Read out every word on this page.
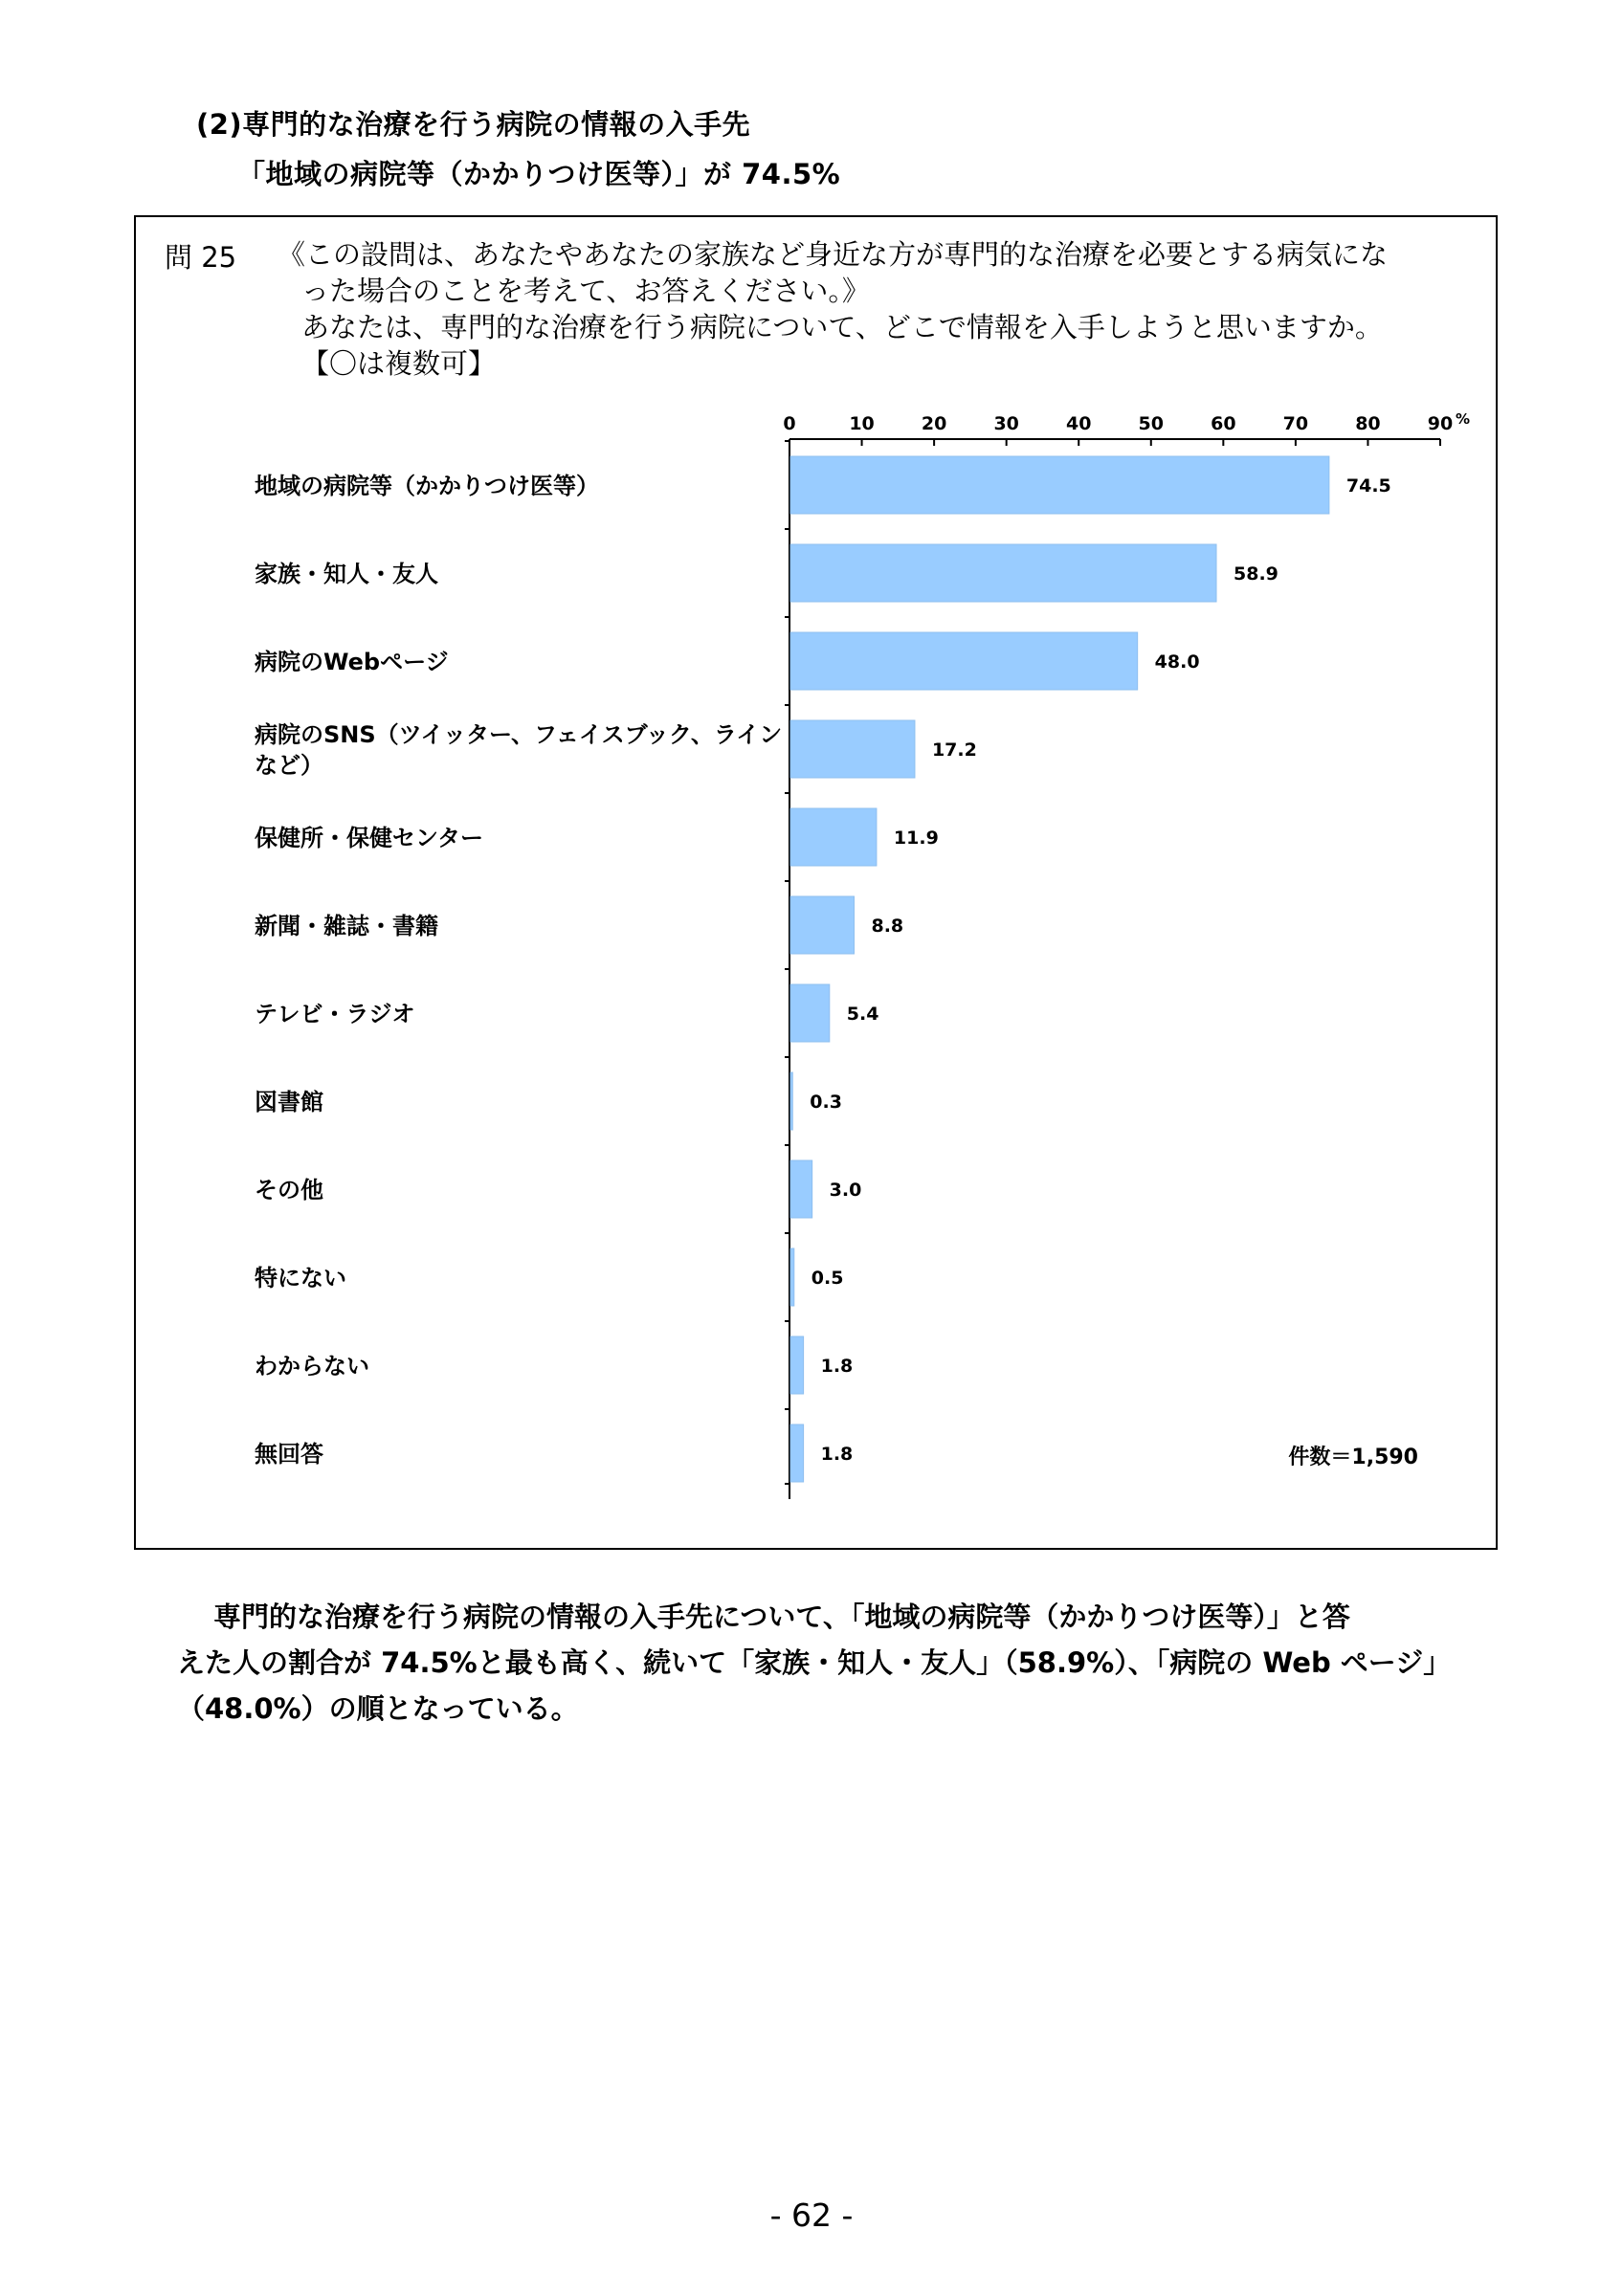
(2)専門的な治療を行う病院の情報の入手先
「地域の病院等（かかりつけ医等）」が 74.5%
問 25 《この設問は、あなたやあなたの家族など身近な方が専門的な治療を必要とする病気にな
った場合のことを考えて、お答えください。》
あなたは、専門的な治療を行う病院について、どこで情報を入手しようと思いますか。
【〇は複数可】
0	10	20	30	40	50	60	70	80	90 %
74.5
地域の病院等（かかりつけ医等）
58.9
家族・知人・友人
48.0
病院のWebページ
17.2
病院のSNS（ツイッター、フェイスブック、ライン
など）
11.9
保健所・保健センター
8.8
新聞・雑誌・書籍
5.4
テレビ・ラジオ
0.3
図書館
3.0
その他
0.5
特にない
1.8
わからない
1.8
無回答	件数＝1,590
専門的な治療を行う病院の情報の入手先について、「地域の病院等（かかりつけ医等）」と答
えた人の割合が 74.5%と最も高く、続いて「家族・知人・友人」（58.9%）、「病院の Web ページ」
（48.0%）の順となっている。
- 62 -
